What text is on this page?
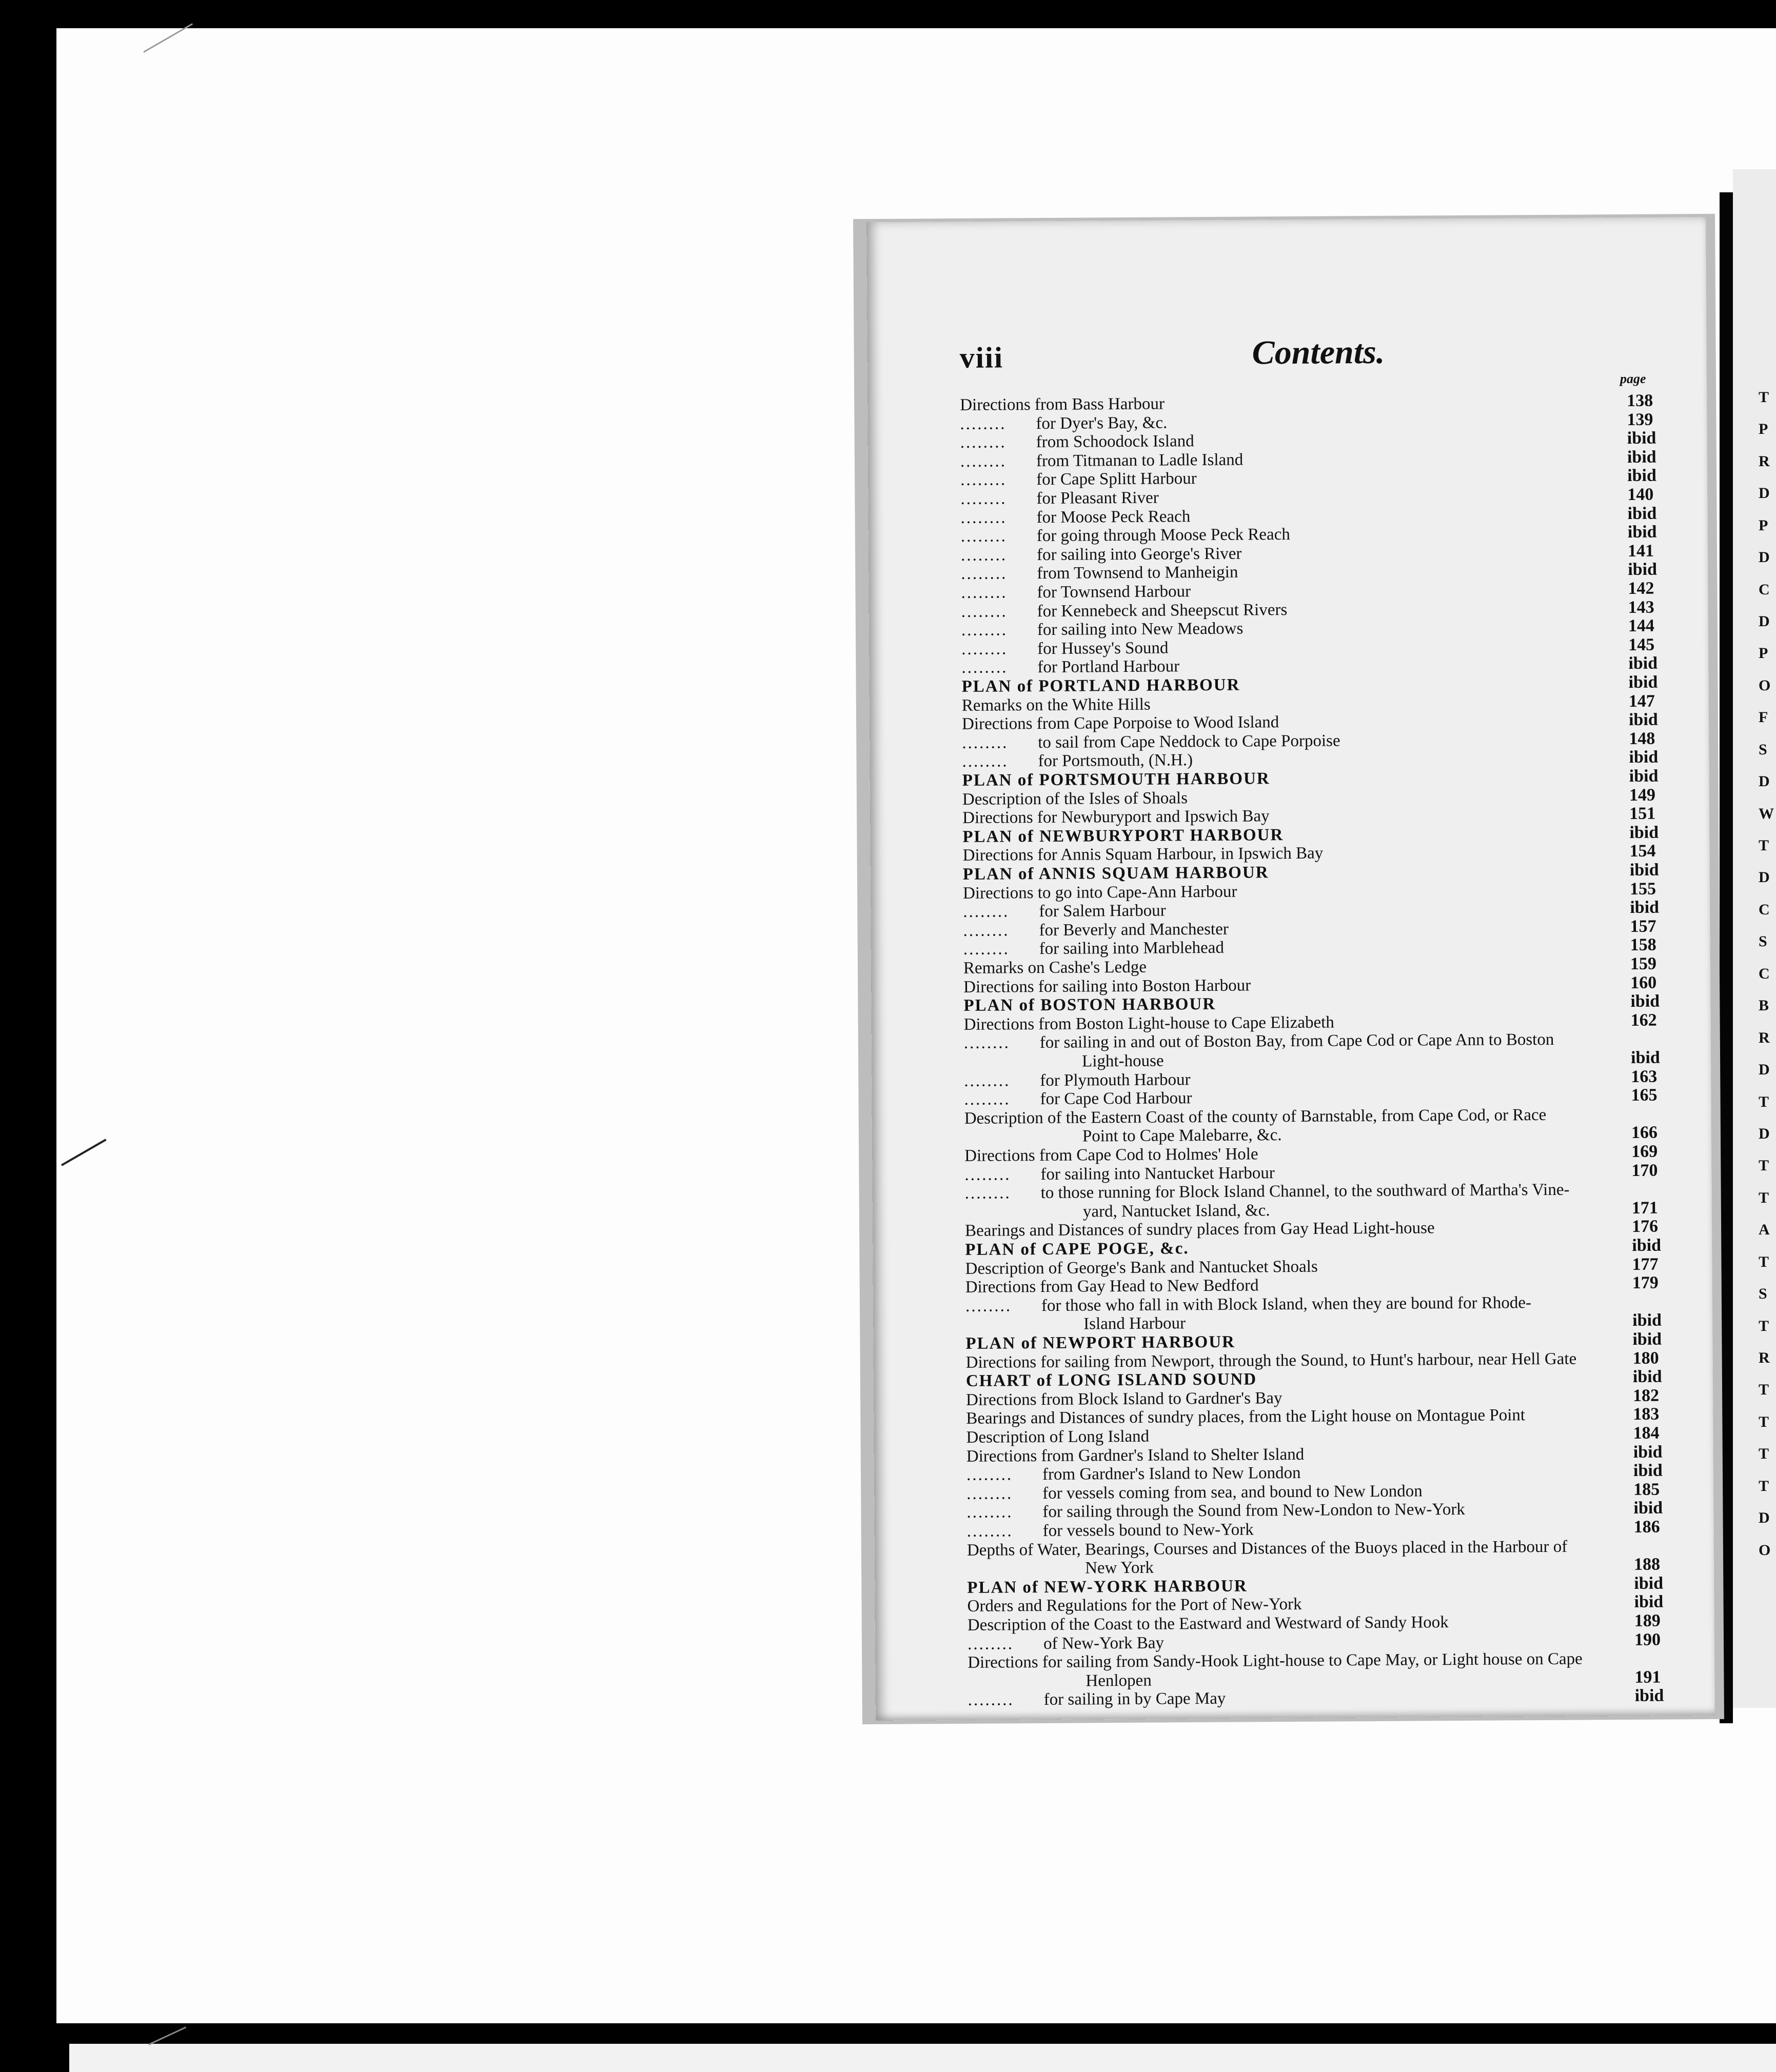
T
P
R
D
P
D
C
D
P
O
F
S
D
W
T
D
C
S
C
B
R
D
T
D
T
T
A
T
S
T
R
T
T
T
T
D
O
viii	Contents.
page
Directions from Bass Harbour	138
........ for Dyer's Bay, &c.	139
........ from Schoodock Island	ibid
........ from Titmanan to Ladle Island	ibid
........ for Cape Splitt Harbour	ibid
........ for Pleasant River	140
........ for Moose Peck Reach	ibid
........ for going through Moose Peck Reach	ibid
........ for sailing into George's River	141
........ from Townsend to Manheigin	ibid
........ for Townsend Harbour	142
........ for Kennebeck and Sheepscut Rivers	143
........ for sailing into New Meadows	144
........ for Hussey's Sound	145
........ for Portland Harbour	ibid
PLAN of PORTLAND HARBOUR	ibid
Remarks on the White Hills	147
Directions from Cape Porpoise to Wood Island	ibid
........ to sail from Cape Neddock to Cape Porpoise	148
........ for Portsmouth, (N.H.)	ibid
PLAN of PORTSMOUTH HARBOUR	ibid
Description of the Isles of Shoals	149
Directions for Newburyport and Ipswich Bay	151
PLAN of NEWBURYPORT HARBOUR	ibid
Directions for Annis Squam Harbour, in Ipswich Bay	154
PLAN of ANNIS SQUAM HARBOUR	ibid
Directions to go into Cape-Ann Harbour	155
........ for Salem Harbour	ibid
........ for Beverly and Manchester	157
........ for sailing into Marblehead	158
Remarks on Cashe's Ledge	159
Directions for sailing into Boston Harbour	160
PLAN of BOSTON HARBOUR	ibid
Directions from Boston Light-house to Cape Elizabeth	162
........ for sailing in and out of Boston Bay, from Cape Cod or Cape Ann to Boston
Light-house	ibid
........ for Plymouth Harbour	163
........ for Cape Cod Harbour	165
Description of the Eastern Coast of the county of Barnstable, from Cape Cod, or Race
Point to Cape Malebarre, &c.	166
Directions from Cape Cod to Holmes' Hole	169
........ for sailing into Nantucket Harbour	170
........ to those running for Block Island Channel, to the southward of Martha's Vine-
yard, Nantucket Island, &c.	171
Bearings and Distances of sundry places from Gay Head Light-house	176
PLAN of CAPE POGE, &c.	ibid
Description of George's Bank and Nantucket Shoals	177
Directions from Gay Head to New Bedford	179
........ for those who fall in with Block Island, when they are bound for Rhode-
Island Harbour	ibid
PLAN of NEWPORT HARBOUR	ibid
Directions for sailing from Newport, through the Sound, to Hunt's harbour, near Hell Gate	180
CHART of LONG ISLAND SOUND	ibid
Directions from Block Island to Gardner's Bay	182
Bearings and Distances of sundry places, from the Light house on Montague Point	183
Description of Long Island	184
Directions from Gardner's Island to Shelter Island	ibid
........ from Gardner's Island to New London	ibid
........ for vessels coming from sea, and bound to New London	185
........ for sailing through the Sound from New-London to New-York	ibid
........ for vessels bound to New-York	186
Depths of Water, Bearings, Courses and Distances of the Buoys placed in the Harbour of
New York	188
PLAN of NEW-YORK HARBOUR	ibid
Orders and Regulations for the Port of New-York	ibid
Description of the Coast to the Eastward and Westward of Sandy Hook	189
........ of New-York Bay	190
Directions for sailing from Sandy-Hook Light-house to Cape May, or Light house on Cape
Henlopen	191
........ for sailing in by Cape May	ibid
